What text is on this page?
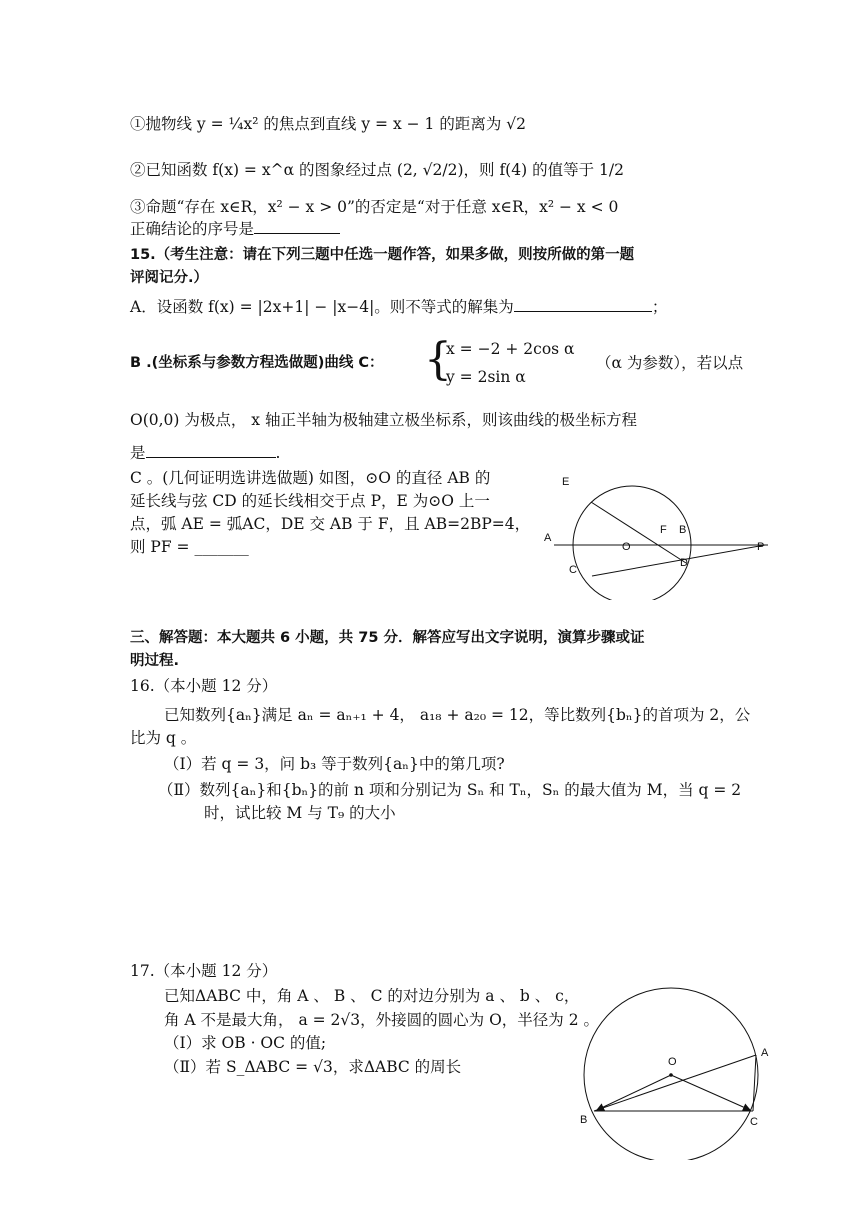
①抛物线 y = ¼x² 的焦点到直线 y = x − 1 的距离为 √2
②已知函数 f(x) = x^α 的图象经过点 (2, √2/2)，则 f(4) 的值等于 1/2
③命题“存在 x∈R，x² − x > 0”的否定是“对于任意 x∈R，x² − x < 0
正确结论的序号是
15.（考生注意：请在下列三题中任选一题作答，如果多做，则按所做的第一题
评阅记分.）
A．设函数 f(x) = |2x+1| − |x−4|。则不等式的解集为	；
B .(坐标系与参数方程选做题)曲线 C： {
x = −2 + 2cos α
y = 2sin α
（α 为参数），若以点
O(0,0) 为极点， x 轴正半轴为极轴建立极坐标系，则该曲线的极坐标方程
是	.
C 。(几何证明选讲选做题) 如图，⊙O 的直径 AB 的
延长线与弦 CD 的延长线相交于点 P，E 为⊙O 上一
点，弧 AE = 弧AC，DE 交 AB 于 F，且 AB=2BP=4，
则 PF = _______
E
F B
A
O
D
P
C
三、解答题：本大题共 6 小题，共 75 分．解答应写出文字说明，演算步骤或证
明过程.
16.（本小题 12 分）
已知数列{aₙ}满足 aₙ = aₙ₊₁ + 4， a₁₈ + a₂₀ = 12，等比数列{bₙ}的首项为 2，公
比为 q 。
（Ⅰ）若 q = 3，问 b₃ 等于数列{aₙ}中的第几项?
（Ⅱ）数列{aₙ}和{bₙ}的前 n 项和分别记为 Sₙ 和 Tₙ，Sₙ 的最大值为 M，当 q = 2
时，试比较 M 与 T₉ 的大小
17.（本小题 12 分）
已知ΔABC 中，角 A 、 B 、 C 的对边分别为 a 、 b 、 c，
角 A 不是最大角， a = 2√3，外接圆的圆心为 O，半径为 2 。
（Ⅰ）求 OB · OC 的值;
（Ⅱ）若 S_ΔABC = √3，求ΔABC 的周长	O
A
B	C
